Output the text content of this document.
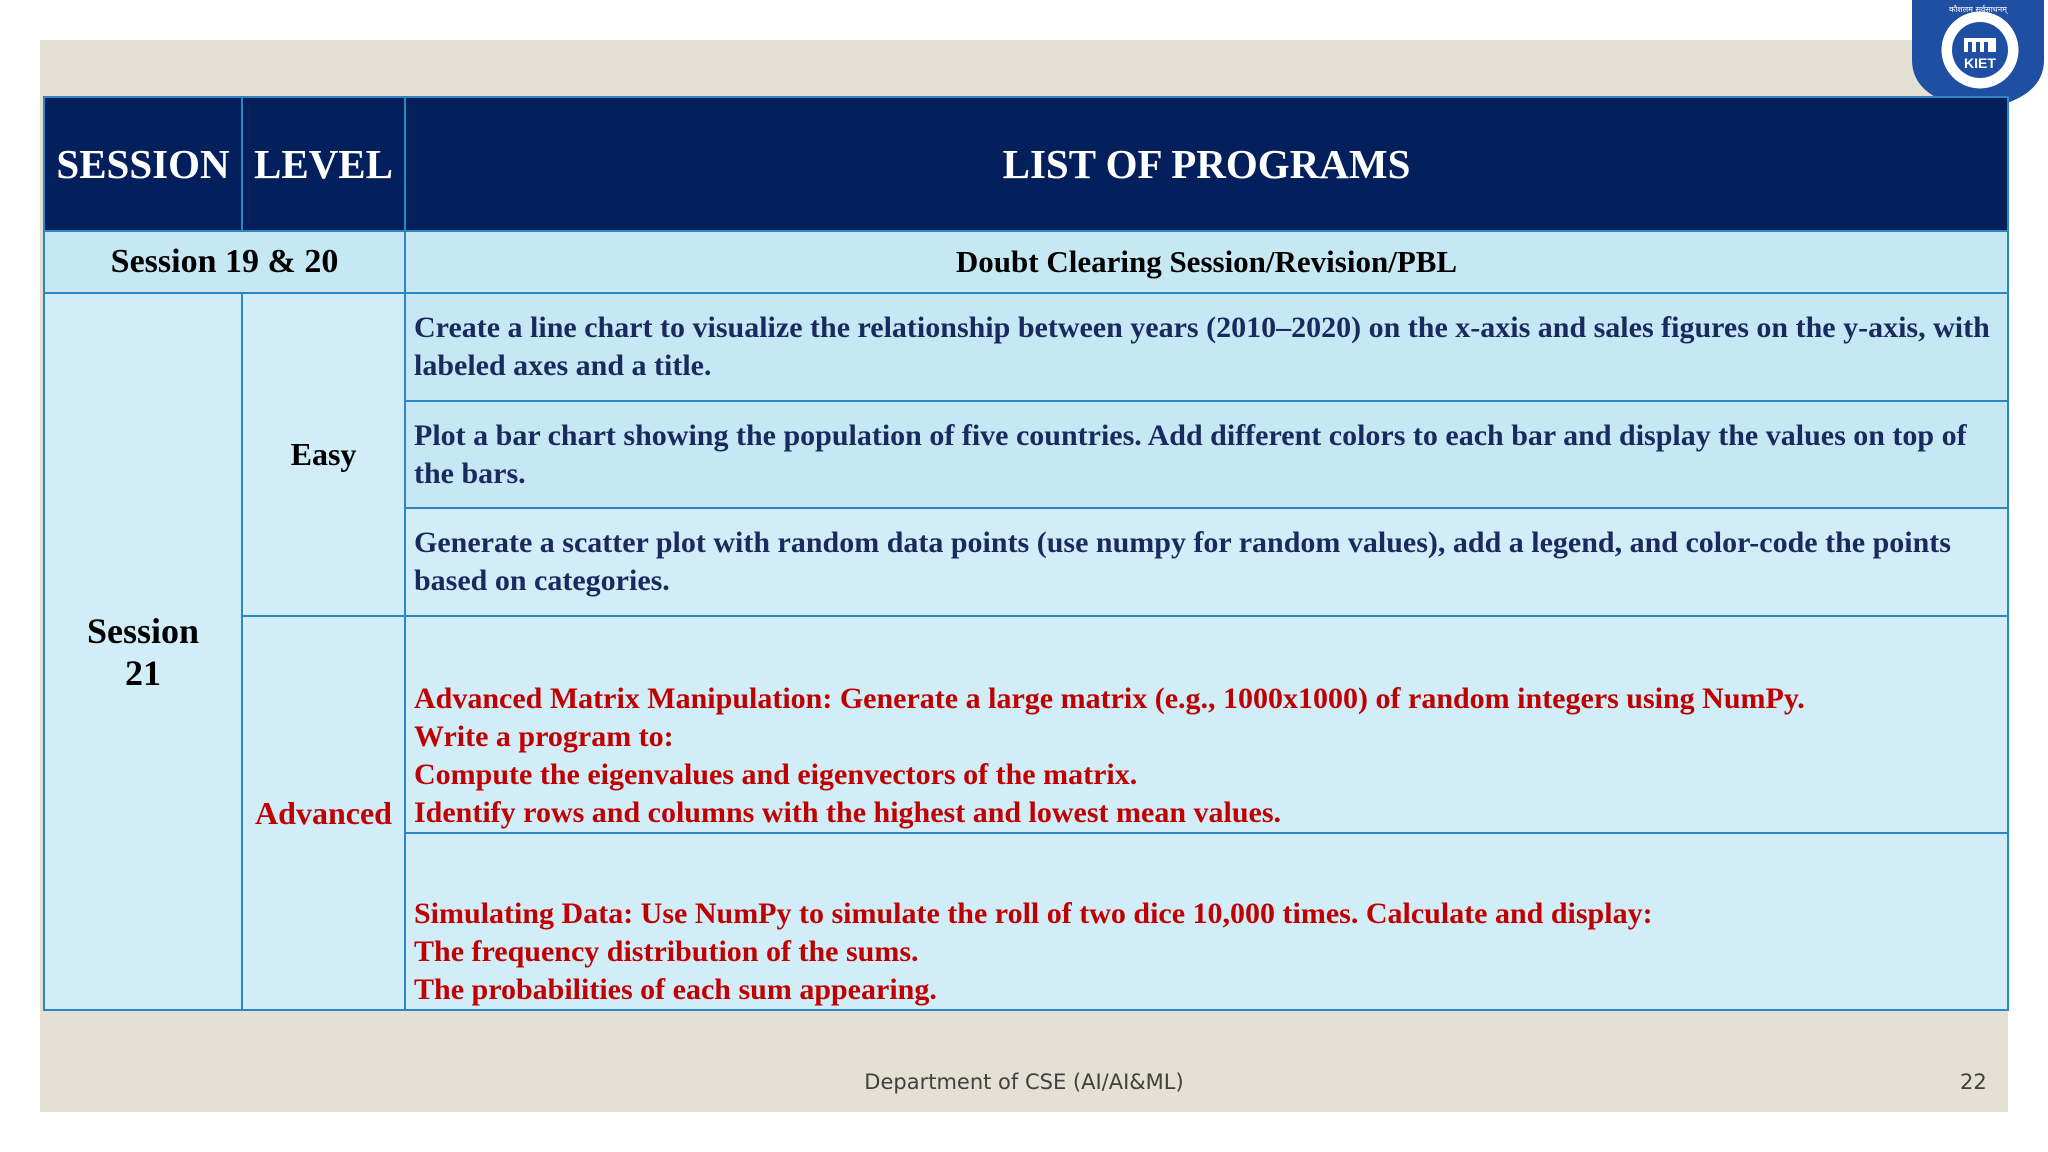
KIET
कौशलम् सर्वसाधनम्
SESSION	LEVEL	LIST OF PROGRAMS
Session 19 & 20		Doubt Clearing Session/Revision/PBL

Session
21	Easy	Create a line chart to visualize the relationship between years (2010–2020) on the x-axis and sales figures on the y-axis, with labeled axes and a title.
		Plot a bar chart showing the population of five countries. Add different colors to each bar and display the values on top of the bars.
		Generate a scatter plot with random data points (use numpy for random values), add a legend, and color-code the points based on categories.

	Advanced	Advanced Matrix Manipulation: Generate a large matrix (e.g., 1000x1000) of random integers using NumPy.
Write a program to:
Compute the eigenvalues and eigenvectors of the matrix.
Identify rows and columns with the highest and lowest mean values.

		Simulating Data: Use NumPy to simulate the roll of two dice 10,000 times. Calculate and display:
The frequency distribution of the sums.
The probabilities of each sum appearing.
Department of CSE (AI/AI&ML)	22
